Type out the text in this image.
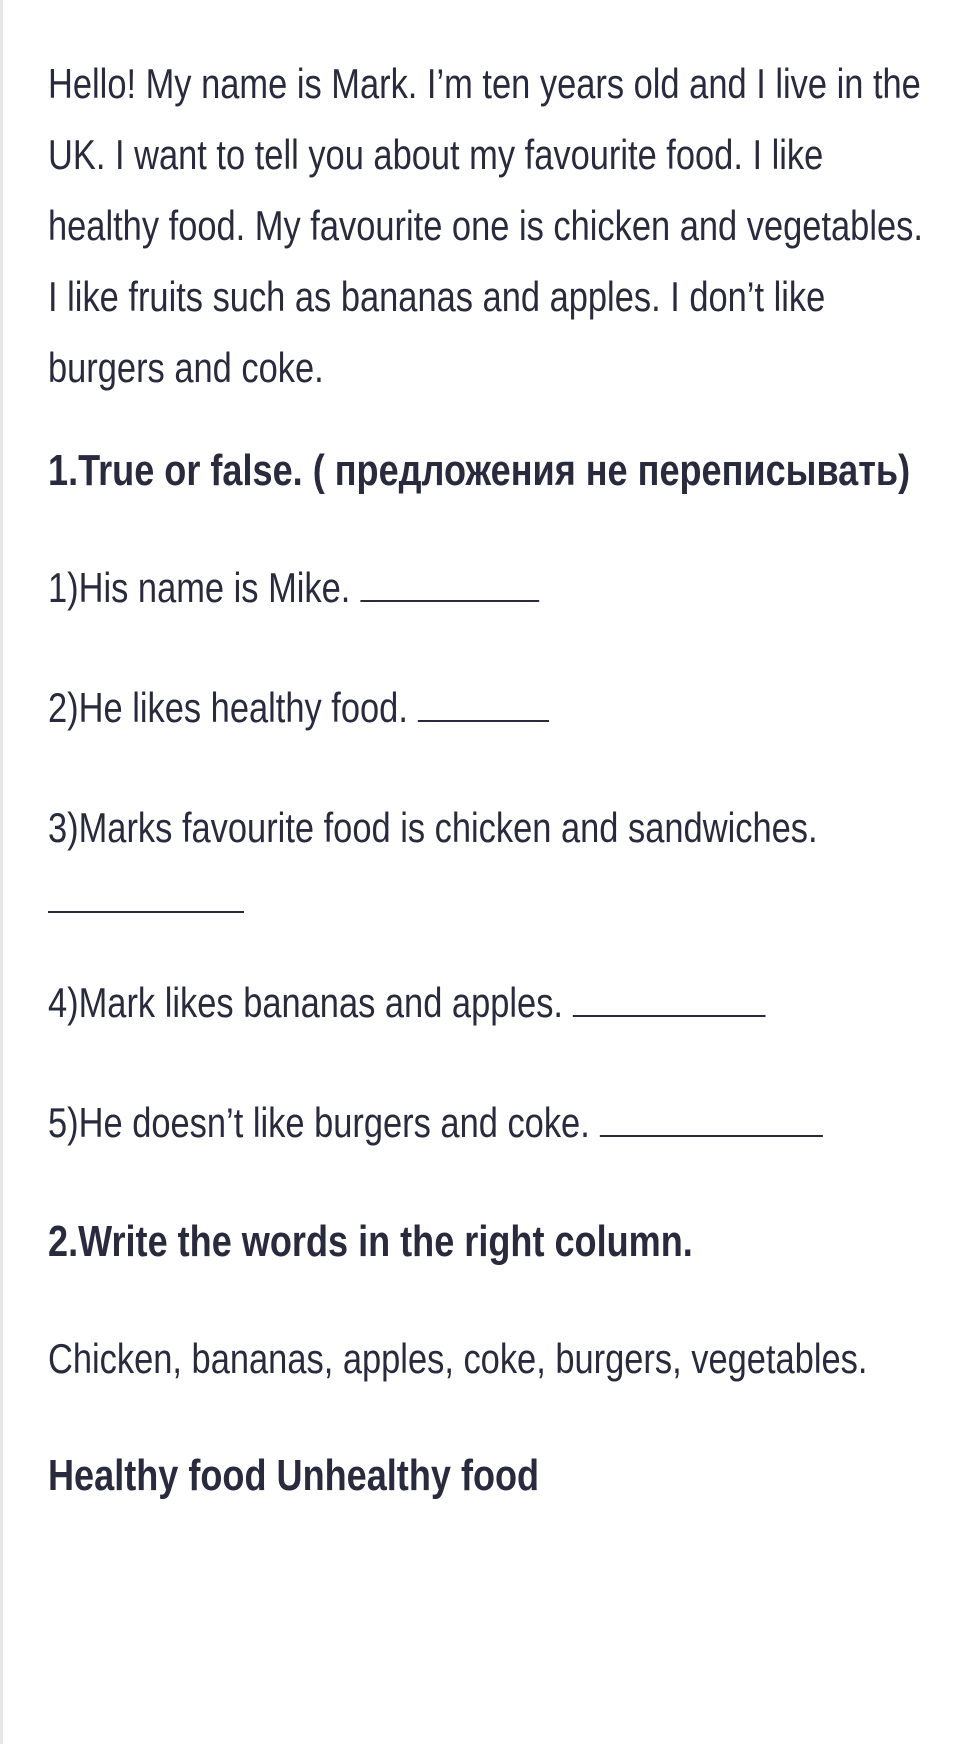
Hello! My name is Mark. I’m ten years old and I live in the UK. I want to tell you about my favourite food. I like healthy food. My favourite one is chicken and vegetables. I like fruits such as bananas and apples. I don’t like burgers and coke.

1.True or false. ( предложения не переписывать)

1)His name is Mike.

2)He likes healthy food.

3)Marks favourite food is chicken and sandwiches.

4)Mark likes bananas and apples.

5)He doesn’t like burgers and coke.

2.Write the words in the right column.

Chicken, bananas, apples, coke, burgers, vegetables.

Healthy food Unhealthy food
